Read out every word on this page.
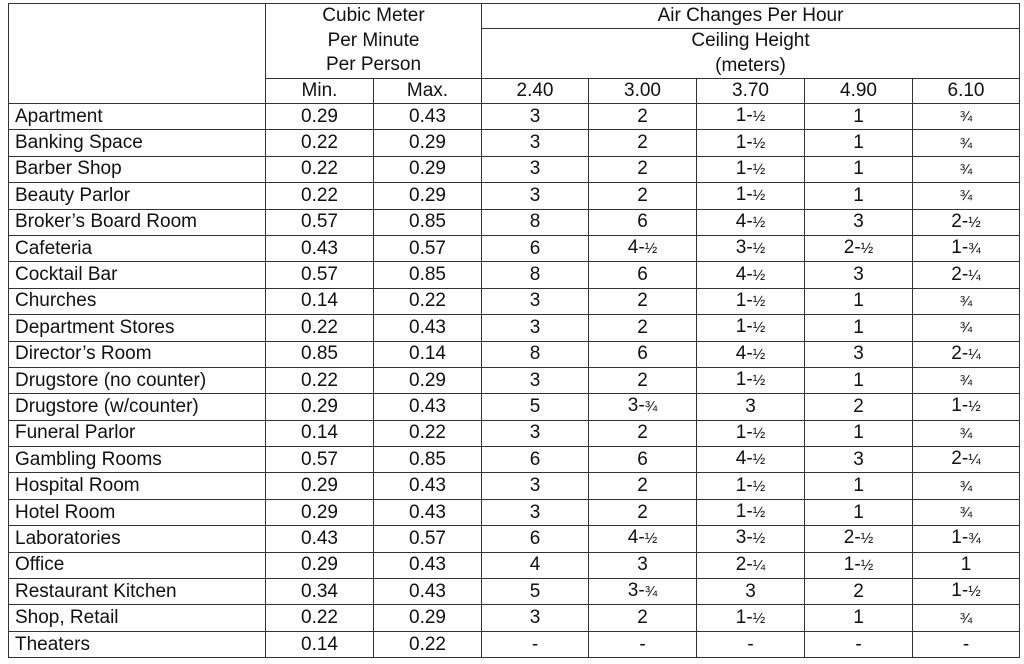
	Cubic Meter
Per Minute
Per Person		Air Changes Per Hour				
			Ceiling Height
(meters)				
	Min.	Max.	2.40	3.00	3.70	4.90	6.10
Apartment	0.29	0.43	3	2	1-½	1	¾
Banking Space	0.22	0.29	3	2	1-½	1	¾
Barber Shop	0.22	0.29	3	2	1-½	1	¾
Beauty Parlor	0.22	0.29	3	2	1-½	1	¾
Broker’s Board Room	0.57	0.85	8	6	4-½	3	2-½
Cafeteria	0.43	0.57	6	4-½	3-½	2-½	1-¾
Cocktail Bar	0.57	0.85	8	6	4-½	3	2-¼
Churches	0.14	0.22	3	2	1-½	1	¾
Department Stores	0.22	0.43	3	2	1-½	1	¾
Director’s Room	0.85	0.14	8	6	4-½	3	2-¼
Drugstore (no counter)	0.22	0.29	3	2	1-½	1	¾
Drugstore (w/counter)	0.29	0.43	5	3-¾	3	2	1-½
Funeral Parlor	0.14	0.22	3	2	1-½	1	¾
Gambling Rooms	0.57	0.85	6	6	4-½	3	2-¼
Hospital Room	0.29	0.43	3	2	1-½	1	¾
Hotel Room	0.29	0.43	3	2	1-½	1	¾
Laboratories	0.43	0.57	6	4-½	3-½	2-½	1-¾
Office	0.29	0.43	4	3	2-¼	1-½	1
Restaurant Kitchen	0.34	0.43	5	3-¾	3	2	1-½
Shop, Retail	0.22	0.29	3	2	1-½	1	¾
Theaters	0.14	0.22	-	-	-	-	-
